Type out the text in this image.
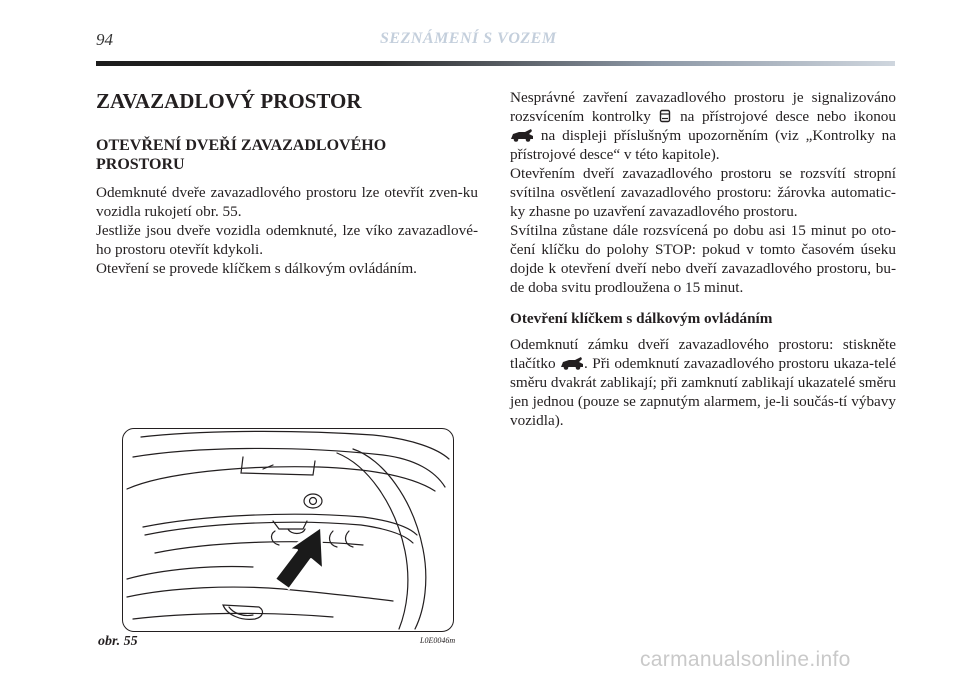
94	SEZNÁMENÍ S VOZEM
ZAVAZADLOVÝ PROSTOR
OTEVŘENÍ DVEŘÍ ZAVAZADLOVÉHO PROSTORU

Odemknuté dveře zavazadlového prostoru lze otevřít zven-ku vozidla rukojetí obr. 55.

Jestliže jsou dveře vozidla odemknuté, lze víko zavazadlové-ho prostoru otevřít kdykoli.

Otevření se provede klíčkem s dálkovým ovládáním.

Nesprávné zavření zavazadlového prostoru je signalizováno rozsvícením kontrolky na přístrojové desce nebo ikonou  na displeji příslušným upozorněním (viz „Kontrolky na přístrojové desce“ v této kapitole).

Otevřením dveří zavazadlového prostoru se rozsvítí stropní svítilna osvětlení zavazadlového prostoru: žárovka automatic-ky zhasne po uzavření zavazadlového prostoru.

Svítilna zůstane dále rozsvícená po dobu asi 15 minut po oto-čení klíčku do polohy STOP: pokud v tomto časovém úseku dojde k otevření dveří nebo dveří zavazadlového prostoru, bu-de doba svitu prodloužena o 15 minut.

Otevření klíčkem s dálkovým ovládáním

Odemknutí zámku dveří zavazadlového prostoru: stiskněte tlačítko . Při odemknutí zavazadlového prostoru ukaza-telé směru dvakrát zablikají; při zamknutí zablikají ukazatelé směru jen jednou (pouze se zapnutým alarmem, je-li součás-tí výbavy vozidla).

obr. 55	L0E0046m
carmanualsonline.info
